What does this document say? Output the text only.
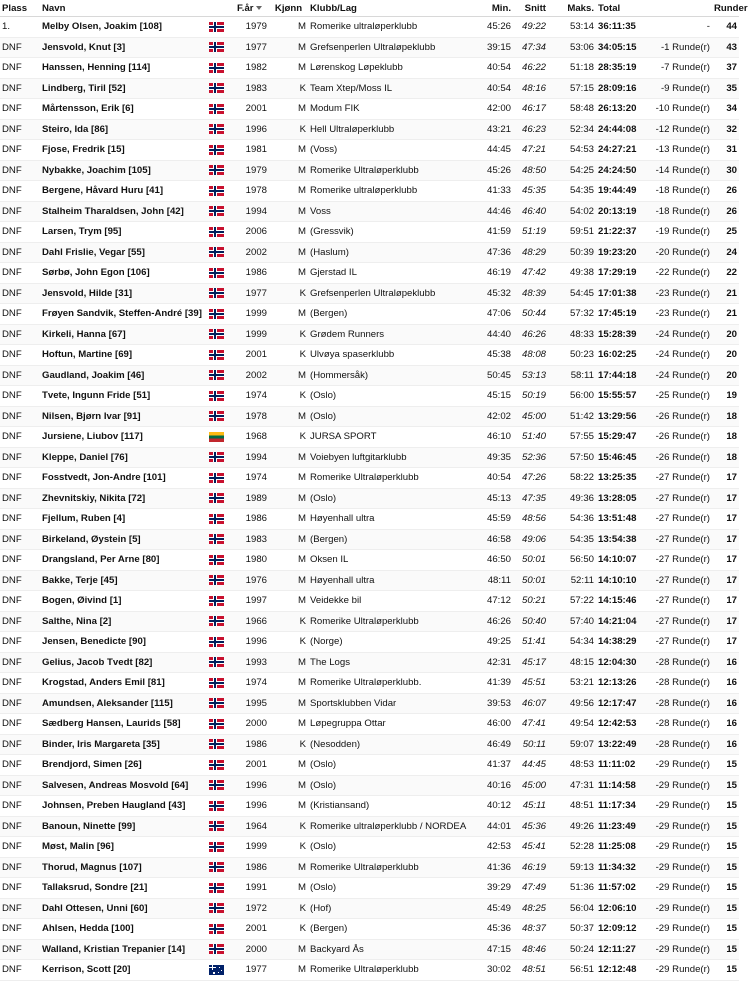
Plass	Navn		F.år	Kjønn	Klubb/Lag	Min.	Snitt	Maks.	Total		Runder
1.	Melby Olsen, Joakim [108]		1979	M	Romerike ultraløperklubb	45:26	49:22	53:14	36:11:35	-	44
DNF	Jensvold, Knut [3]		1977	M	Grefsenperlen Ultraløpeklubb	39:15	47:34	53:06	34:05:15	-1 Runde(r)	43
DNF	Hanssen, Henning [114]		1982	M	Lørenskog Løpeklubb	40:54	46:22	51:18	28:35:19	-7 Runde(r)	37
DNF	Lindberg, Tiril [52]		1983	K	Team Xtep/Moss IL	40:54	48:16	57:15	28:09:16	-9 Runde(r)	35
DNF	Mårtensson, Erik [6]		2001	M	Modum FIK	42:00	46:17	58:48	26:13:20	-10 Runde(r)	34
DNF	Steiro, Ida [86]		1996	K	Hell Ultraløperklubb	43:21	46:23	52:34	24:44:08	-12 Runde(r)	32
DNF	Fjose, Fredrik [15]		1981	M	(Voss)	44:45	47:21	54:53	24:27:21	-13 Runde(r)	31
DNF	Nybakke, Joachim [105]		1979	M	Romerike Ultraløperklubb	45:26	48:50	54:25	24:24:50	-14 Runde(r)	30
DNF	Bergene, Håvard Huru [41]		1978	M	Romerike ultraløperklubb	41:33	45:35	54:35	19:44:49	-18 Runde(r)	26
DNF	Stalheim Tharaldsen, John [42]		1994	M	Voss	44:46	46:40	54:02	20:13:19	-18 Runde(r)	26
DNF	Larsen, Trym [95]		2006	M	(Gressvik)	41:59	51:19	59:51	21:22:37	-19 Runde(r)	25
DNF	Dahl Frislie, Vegar [55]		2002	M	(Haslum)	47:36	48:29	50:39	19:23:20	-20 Runde(r)	24
DNF	Sørbø, John Egon [106]		1986	M	Gjerstad IL	46:19	47:42	49:38	17:29:19	-22 Runde(r)	22
DNF	Jensvold, Hilde [31]		1977	K	Grefsenperlen Ultraløpeklubb	45:32	48:39	54:45	17:01:38	-23 Runde(r)	21
DNF	Frøyen Sandvik, Steffen-André [39]		1999	M	(Bergen)	47:06	50:44	57:32	17:45:19	-23 Runde(r)	21
DNF	Kirkeli, Hanna [67]		1999	K	Grødem Runners	44:40	46:26	48:33	15:28:39	-24 Runde(r)	20
DNF	Hoftun, Martine [69]		2001	K	Ulvøya spaserklubb	45:38	48:08	50:23	16:02:25	-24 Runde(r)	20
DNF	Gaudland, Joakim [46]		2002	M	(Hommersåk)	50:45	53:13	58:11	17:44:18	-24 Runde(r)	20
DNF	Tvete, Ingunn Fride [51]		1974	K	(Oslo)	45:15	50:19	56:00	15:55:57	-25 Runde(r)	19
DNF	Nilsen, Bjørn Ivar [91]		1978	M	(Oslo)	42:02	45:00	51:42	13:29:56	-26 Runde(r)	18
DNF	Jursiene, Liubov [117]		1968	K	JURSA SPORT	46:10	51:40	57:55	15:29:47	-26 Runde(r)	18
DNF	Kleppe, Daniel [76]		1994	M	Voiebyen luftgitarklubb	49:35	52:36	57:50	15:46:45	-26 Runde(r)	18
DNF	Fosstvedt, Jon-Andre [101]		1974	M	Romerike Ultraløperklubb	40:54	47:26	58:22	13:25:35	-27 Runde(r)	17
DNF	Zhevnitskiy, Nikita [72]		1989	M	(Oslo)	45:13	47:35	49:36	13:28:05	-27 Runde(r)	17
DNF	Fjellum, Ruben [4]		1986	M	Høyenhall ultra	45:59	48:56	54:36	13:51:48	-27 Runde(r)	17
DNF	Birkeland, Øystein [5]		1983	M	(Bergen)	46:58	49:06	54:35	13:54:38	-27 Runde(r)	17
DNF	Drangsland, Per Arne [80]		1980	M	Oksen IL	46:50	50:01	56:50	14:10:07	-27 Runde(r)	17
DNF	Bakke, Terje [45]		1976	M	Høyenhall ultra	48:11	50:01	52:11	14:10:10	-27 Runde(r)	17
DNF	Bogen, Øivind [1]		1997	M	Veidekke bil	47:12	50:21	57:22	14:15:46	-27 Runde(r)	17
DNF	Salthe, Nina [2]		1966	K	Romerike Ultraløperklubb	46:26	50:40	57:40	14:21:04	-27 Runde(r)	17
DNF	Jensen, Benedicte [90]		1996	K	(Norge)	49:25	51:41	54:34	14:38:29	-27 Runde(r)	17
DNF	Gelius, Jacob Tvedt [82]		1993	M	The Logs	42:31	45:17	48:15	12:04:30	-28 Runde(r)	16
DNF	Krogstad, Anders Emil [81]		1974	M	Romerike Ultraløperklubb.	41:39	45:51	53:21	12:13:26	-28 Runde(r)	16
DNF	Amundsen, Aleksander [115]		1995	M	Sportsklubben Vidar	39:53	46:07	49:56	12:17:47	-28 Runde(r)	16
DNF	Sædberg Hansen, Laurids [58]		2000	M	Løpegruppa Ottar	46:00	47:41	49:54	12:42:53	-28 Runde(r)	16
DNF	Binder, Iris Margareta [35]		1986	K	(Nesodden)	46:49	50:11	59:07	13:22:49	-28 Runde(r)	16
DNF	Brendjord, Simen [26]		2001	M	(Oslo)	41:37	44:45	48:53	11:11:02	-29 Runde(r)	15
DNF	Salvesen, Andreas Mosvold [64]		1996	M	(Oslo)	40:16	45:00	47:31	11:14:58	-29 Runde(r)	15
DNF	Johnsen, Preben Haugland [43]		1996	M	(Kristiansand)	40:12	45:11	48:51	11:17:34	-29 Runde(r)	15
DNF	Banoun, Ninette [99]		1964	K	Romerike ultraløperklubb / NORDEA	44:01	45:36	49:26	11:23:49	-29 Runde(r)	15
DNF	Møst, Malin [96]		1999	K	(Oslo)	42:53	45:41	52:28	11:25:08	-29 Runde(r)	15
DNF	Thorud, Magnus [107]		1986	M	Romerike Ultraløperklubb	41:36	46:19	59:13	11:34:32	-29 Runde(r)	15
DNF	Tallaksrud, Sondre [21]		1991	M	(Oslo)	39:29	47:49	51:36	11:57:02	-29 Runde(r)	15
DNF	Dahl Ottesen, Unni [60]		1972	K	(Hof)	45:49	48:25	56:04	12:06:10	-29 Runde(r)	15
DNF	Ahlsen, Hedda [100]		2001	K	(Bergen)	45:36	48:37	50:37	12:09:12	-29 Runde(r)	15
DNF	Walland, Kristian Trepanier [14]		2000	M	Backyard Ås	47:15	48:46	50:24	12:11:27	-29 Runde(r)	15
DNF	Kerrison, Scott [20]		1977	M	Romerike Ultraløperklubb	30:02	48:51	56:51	12:12:48	-29 Runde(r)	15
